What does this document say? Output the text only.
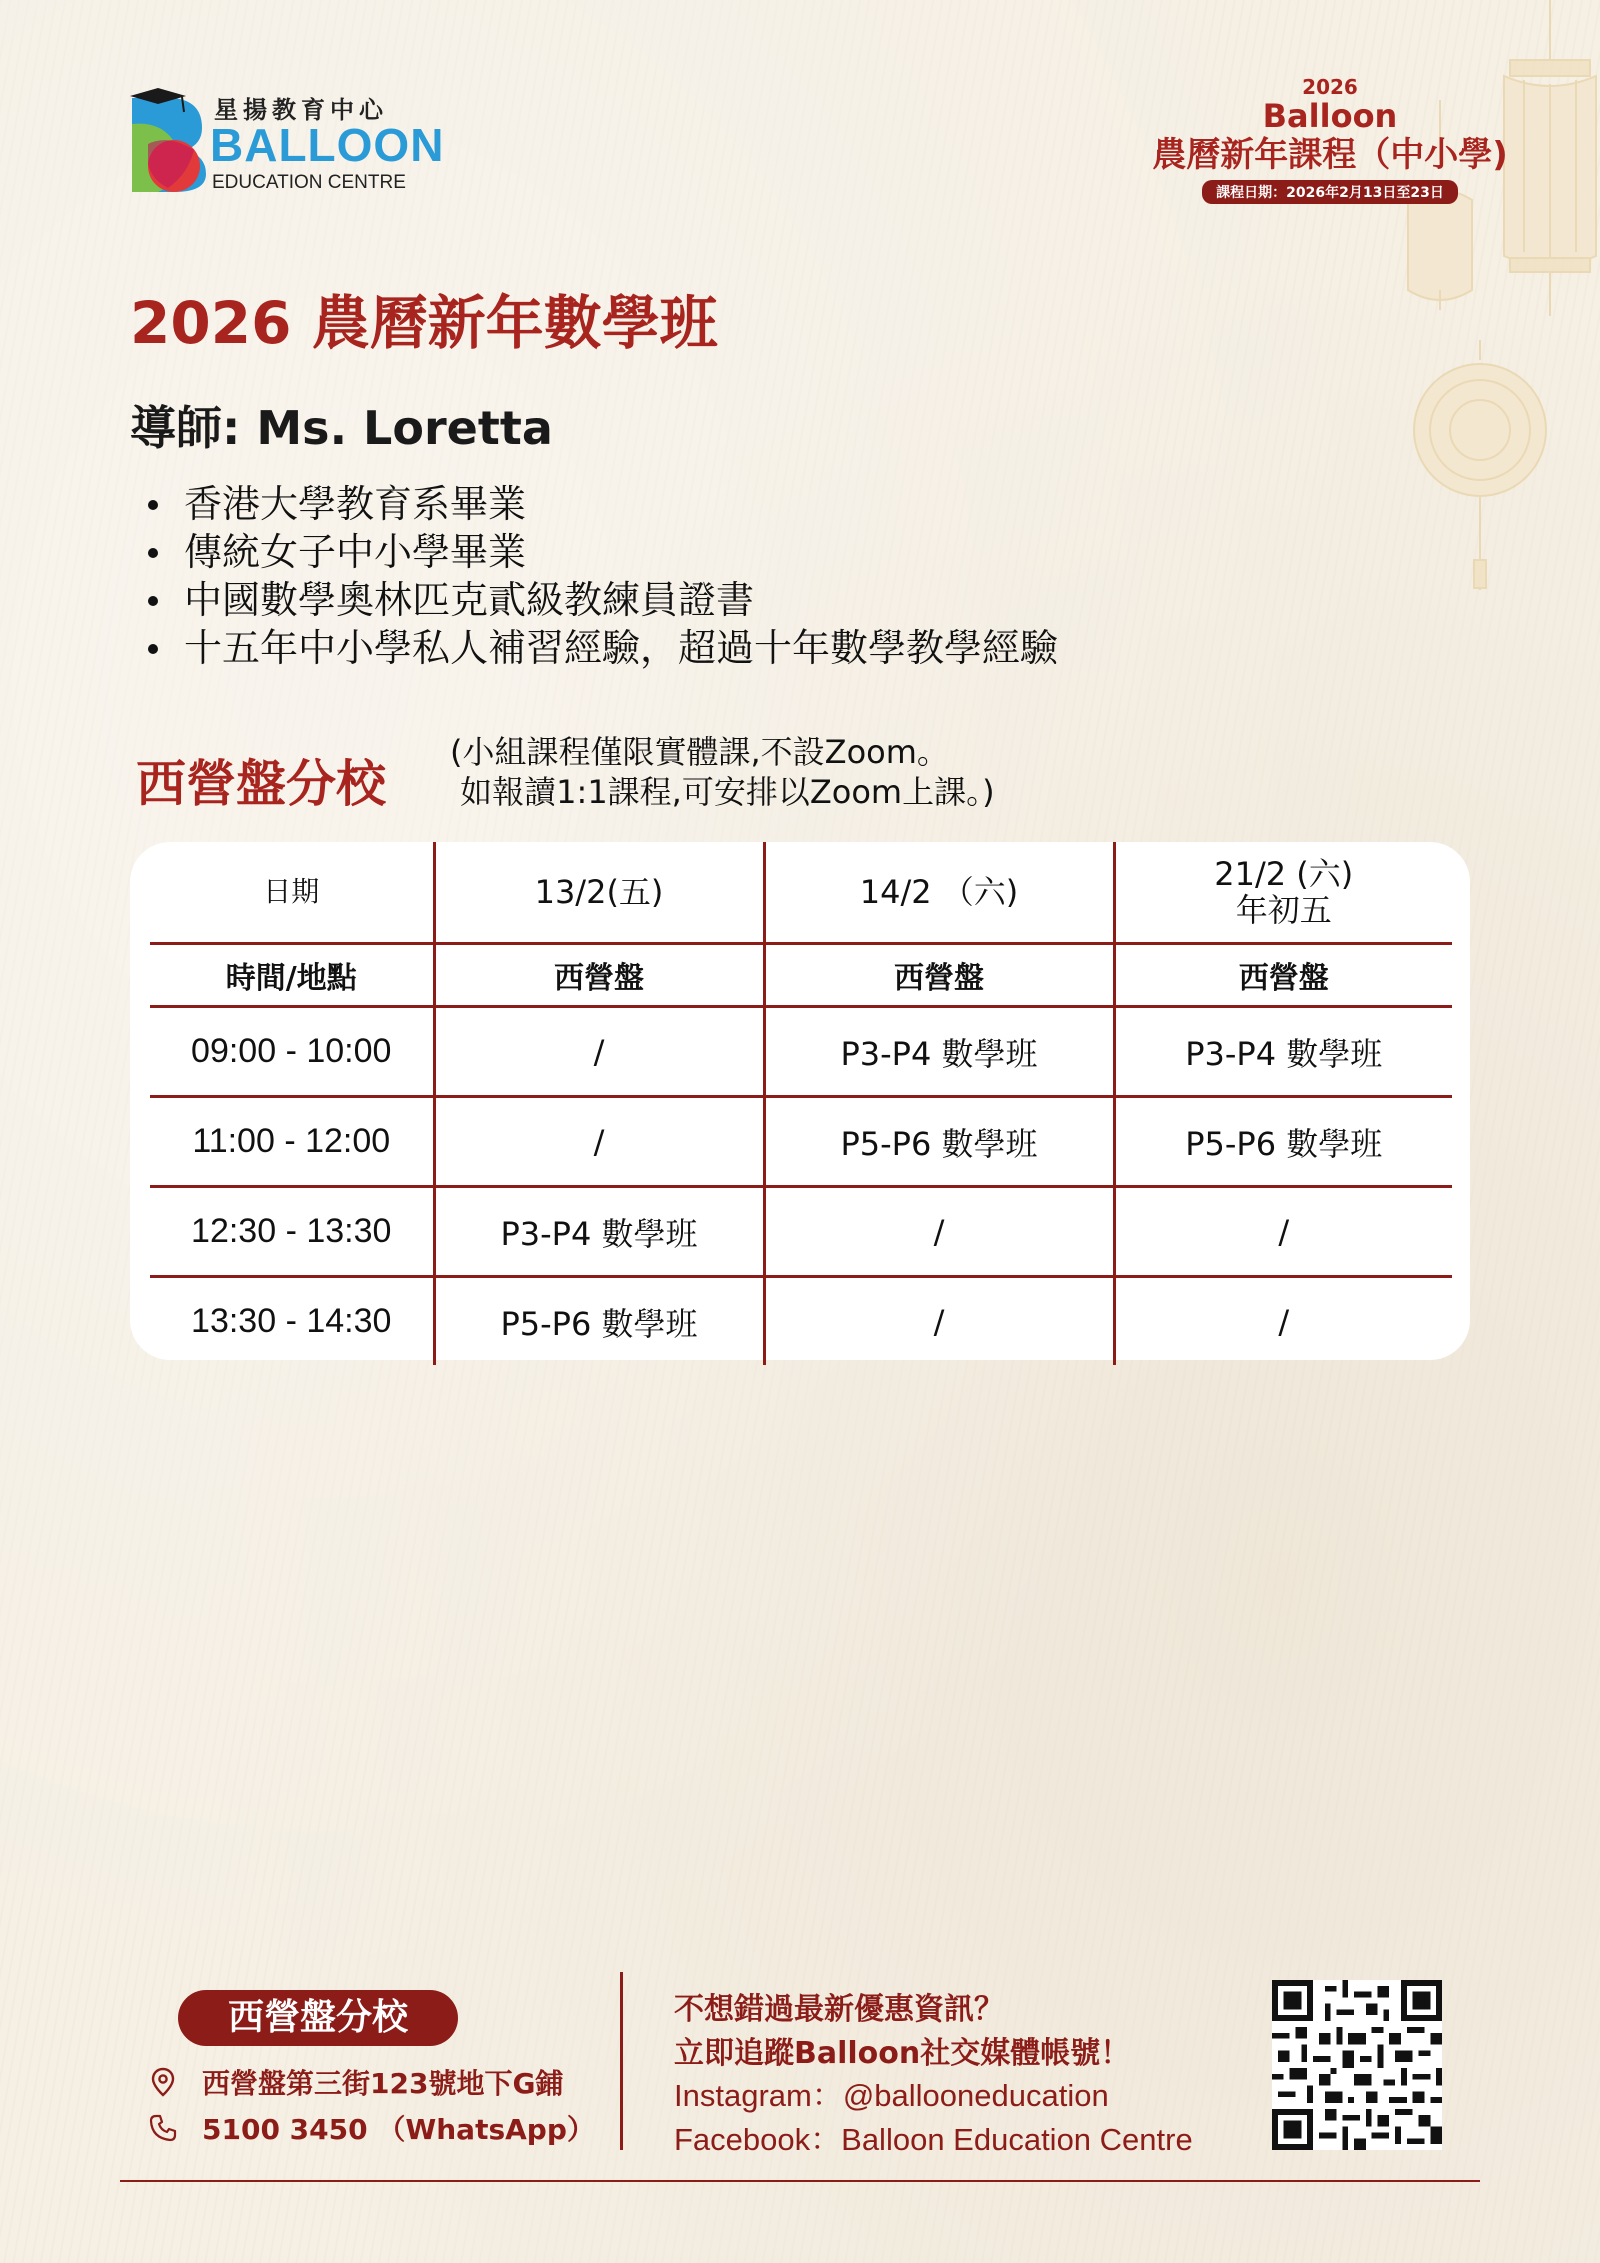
星揚教育中心
BALLOON
EDUCATION CENTRE
2026
Balloon
農曆新年課程（中小學)
課程日期：2026年2月13日至23日
2026 農曆新年數學班
導師: Ms. Loretta
香港大學教育系畢業
傳統女子中小學畢業
中國數學奧林匹克貳級教練員證書
十五年中小學私人補習經驗，超過十年數學教學經驗
西營盤分校
(小組課程僅限實體課,不設Zoom。
如報讀1:1課程,可安排以Zoom上課。)
日期	13/2(五)	14/2 （六)	21/2 (六)
年初五
時間/地點	西營盤	西營盤	西營盤
09:00 - 10:00	/	P3-P4 數學班	P3-P4 數學班
11:00 - 12:00	/	P5-P6 數學班	P5-P6 數學班
12:30 - 13:30	P3-P4 數學班	/	/
13:30 - 14:30	P5-P6 數學班	/	/
西營盤分校
西營盤第三街123號地下G鋪
5100 3450 （WhatsApp）
不想錯過最新優惠資訊？
立即追蹤Balloon社交媒體帳號！
Instagram：@ballooneducation
Facebook：Balloon Education Centre
